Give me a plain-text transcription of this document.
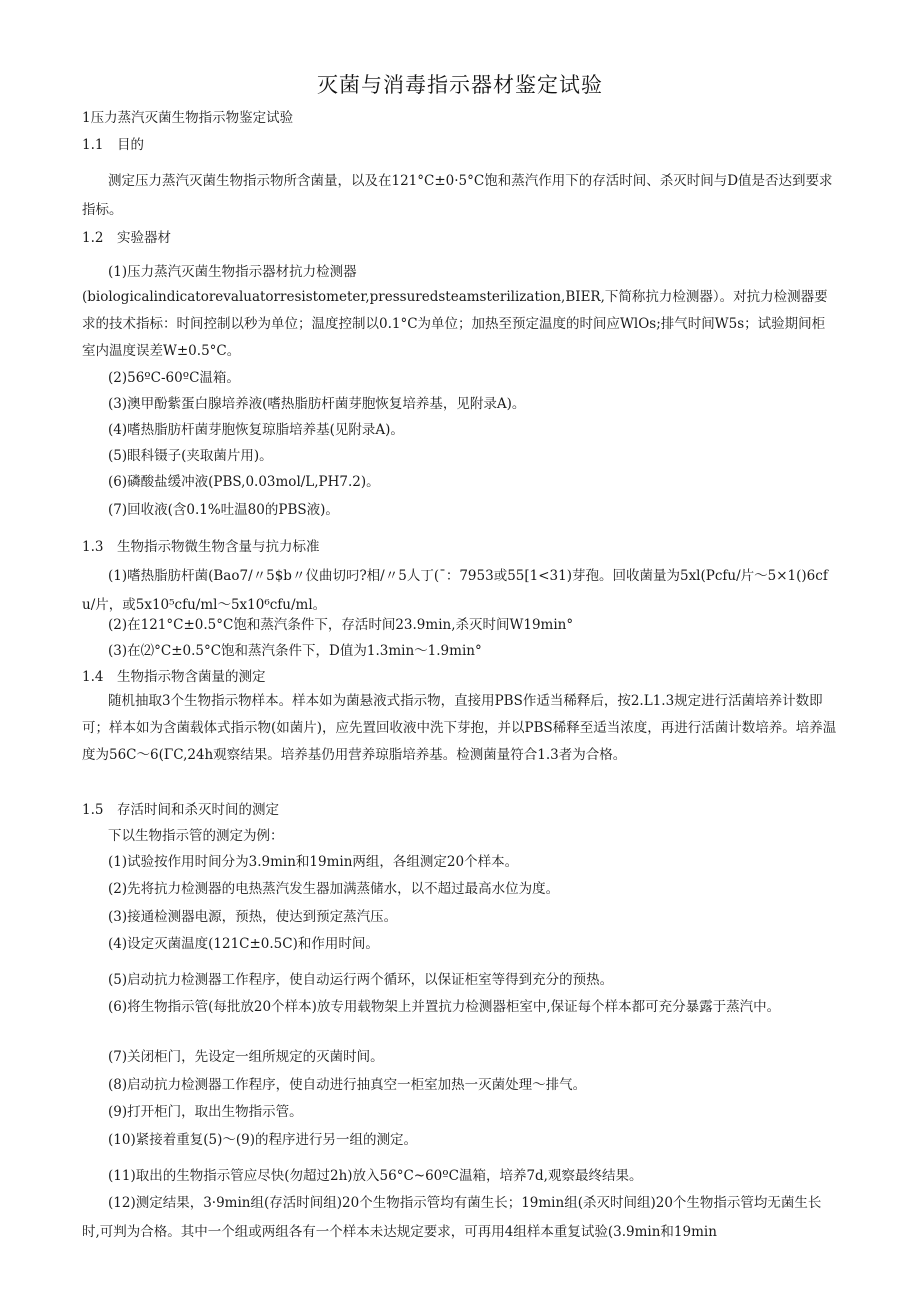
灭菌与消毒指示器材鉴定试验
1压力蒸汽灭菌生物指示物鉴定试验
1.1　目的
测定压力蒸汽灭菌生物指示物所含菌量，以及在121°C±0·5°C饱和蒸汽作用下的存活时间、杀灭时间与D值是否达到要求指标。
1.2　实验器材
(1)压力蒸汽灭菌生物指示器材抗力检测器
(biologicalindicatorevaluatorresistometer,pressuredsteamsterilization,BIER,下简称抗力检测器）。对抗力检测器要求的技术指标：时间控制以秒为单位；温度控制以0.1°C为单位；加热至预定温度的时间应WlOs;排气时间W5s；试验期间柜室内温度误差W±0.5°C。
(2)56ºC-60ºC温箱。
(3)澳甲酚紫蛋白腺培养液(嗜热脂肪杆菌芽胞恢复培养基，见附录A)。
(4)嗜热脂肪杆菌芽胞恢复琼脂培养基(见附录A)。
(5)眼科镊子(夹取菌片用)。
(6)磷酸盐缓冲液(PBS,0.03mol/L,PH7.2)。
(7)回收液(含0.1%吐温80的PBS液)。
1.3　生物指示物微生物含量与抗力标准
(1)嗜热脂肪杆菌(Bao7/〃5$b〃仪曲切叼?相/〃5人丁(ˉ：7953或55[1<31)芽孢。回收菌量为5xl(Pcfu/片～5×1()6cfu/片，或5x10⁵cfu/ml～5x10⁶cfu/ml。
(2)在121°C±0.5°C饱和蒸汽条件下，存活时间23.9min,杀灭时间W19min°
(3)在⑵°C±0.5°C饱和蒸汽条件下，D值为1.3min～1.9min°
1.4　生物指示物含菌量的测定
随机抽取3个生物指示物样本。样本如为菌悬液式指示物，直接用PBS作适当稀释后，按2.L1.3规定进行活菌培养计数即可；样本如为含菌载体式指示物(如菌片)，应先置回收液中洗下芽抱，并以PBS稀释至适当浓度，再进行活菌计数培养。培养温度为56C～6(ΓC,24h观察结果。培养基仍用营养琼脂培养基。检测菌量符合1.3者为合格。
1.5　存活时间和杀灭时间的测定
下以生物指示管的测定为例：
(1)试验按作用时间分为3.9min和19min两组，各组测定20个样本。
(2)先将抗力检测器的电热蒸汽发生器加满蒸储水，以不超过最高水位为度。
(3)接通检测器电源，预热，使达到预定蒸汽压。
(4)设定灭菌温度(121C±0.5C)和作用时间。
(5)启动抗力检测器工作程序，使自动运行两个循环，以保证柜室等得到充分的预热。
(6)将生物指示管(每批放20个样本)放专用载物架上并置抗力检测器柜室中,保证每个样本都可充分暴露于蒸汽中。
(7)关闭柜门，先设定一组所规定的灭菌时间。
(8)启动抗力检测器工作程序，使自动进行抽真空一柜室加热一灭菌处理～排气。
(9)打开柜门，取出生物指示管。
(10)紧接着重复(5)～(9)的程序进行另一组的测定。
(11)取出的生物指示管应尽快(勿超过2h)放入56°C~60ºC温箱，培养7d,观察最终结果。
(12)测定结果，3·9min组(存活时间组)20个生物指示管均有菌生长；19min组(杀灭时间组)20个生物指示管均无菌生长时,可判为合格。其中一个组或两组各有一个样本未达规定要求，可再用4组样本重复试验(3.9min和19min
